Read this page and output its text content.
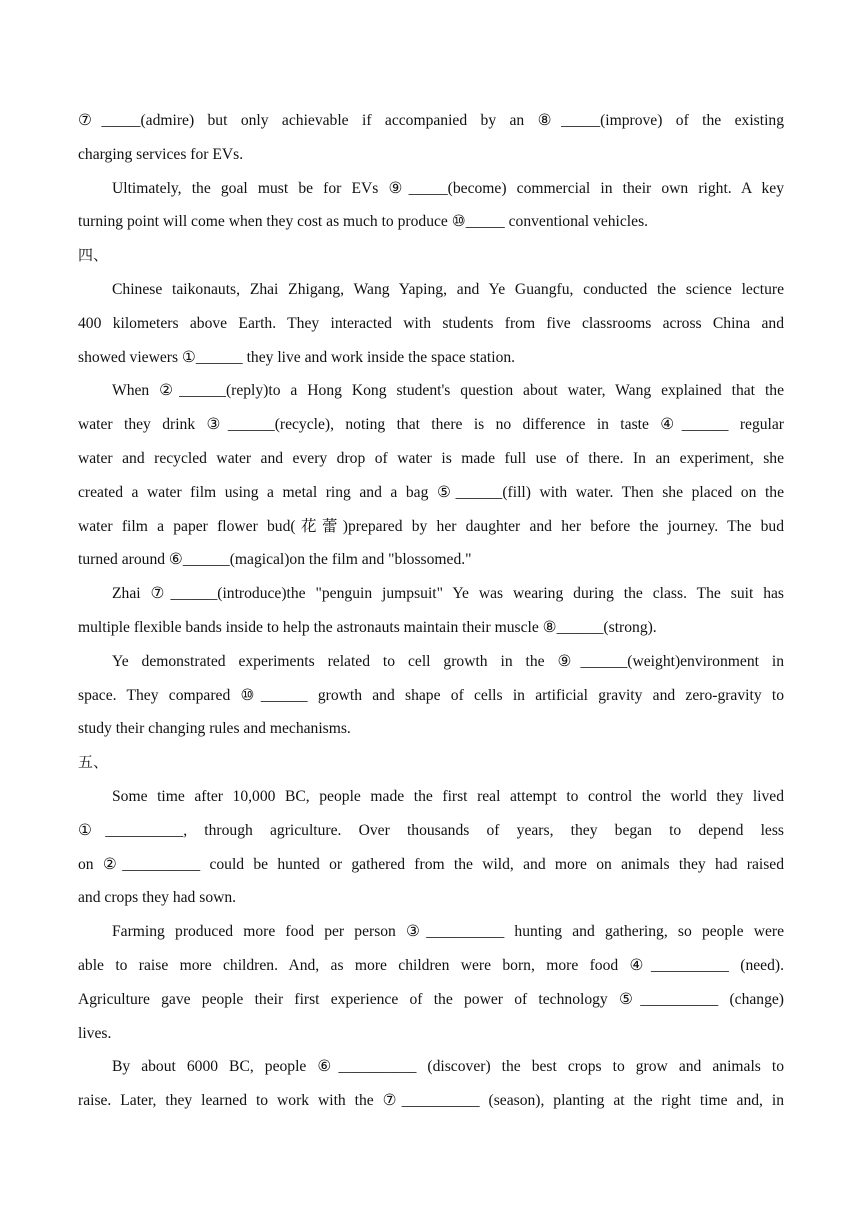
⑦_____(admire) but only achievable if accompanied by an ⑧_____(improve) of the existing
charging services for EVs.
Ultimately, the goal must be for EVs ⑨_____(become) commercial in their own right. A key
turning point will come when they cost as much to produce ⑩_____ conventional vehicles.
四、
Chinese taikonauts, Zhai Zhigang, Wang Yaping, and Ye Guangfu, conducted the science lecture
400 kilometers above Earth. They interacted with students from five classrooms across China and
showed viewers ①______ they live and work inside the space station.
When ②______(reply)to a Hong Kong student's question about water, Wang explained that the
water they drink ③______(recycle), noting that there is no difference in taste ④______ regular
water and recycled water and every drop of water is made full use of there. In an experiment, she
created a water film using a metal ring and a bag ⑤______(fill) with water. Then she placed on the
water film a paper flower bud(花蕾)prepared by her daughter and her before the journey. The bud
turned around ⑥______(magical)on the film and "blossomed."
Zhai ⑦______(introduce)the "penguin jumpsuit" Ye was wearing during the class. The suit has
multiple flexible bands inside to help the astronauts maintain their muscle ⑧______(strong).
Ye demonstrated experiments related to cell growth in the ⑨______(weight)environment in
space. They compared ⑩______ growth and shape of cells in artificial gravity and zero-gravity to
study their changing rules and mechanisms.
五、
Some time after 10,000 BC, people made the first real attempt to control the world they lived
①__________, through agriculture. Over thousands of years, they began to depend less
on ②__________ could be hunted or gathered from the wild, and more on animals they had raised
and crops they had sown.
Farming produced more food per person ③__________ hunting and gathering, so people were
able to raise more children. And, as more children were born, more food ④__________ (need).
Agriculture gave people their first experience of the power of technology ⑤__________ (change)
lives.
By about 6000 BC, people ⑥__________ (discover) the best crops to grow and animals to
raise. Later, they learned to work with the ⑦__________ (season), planting at the right time and, in
